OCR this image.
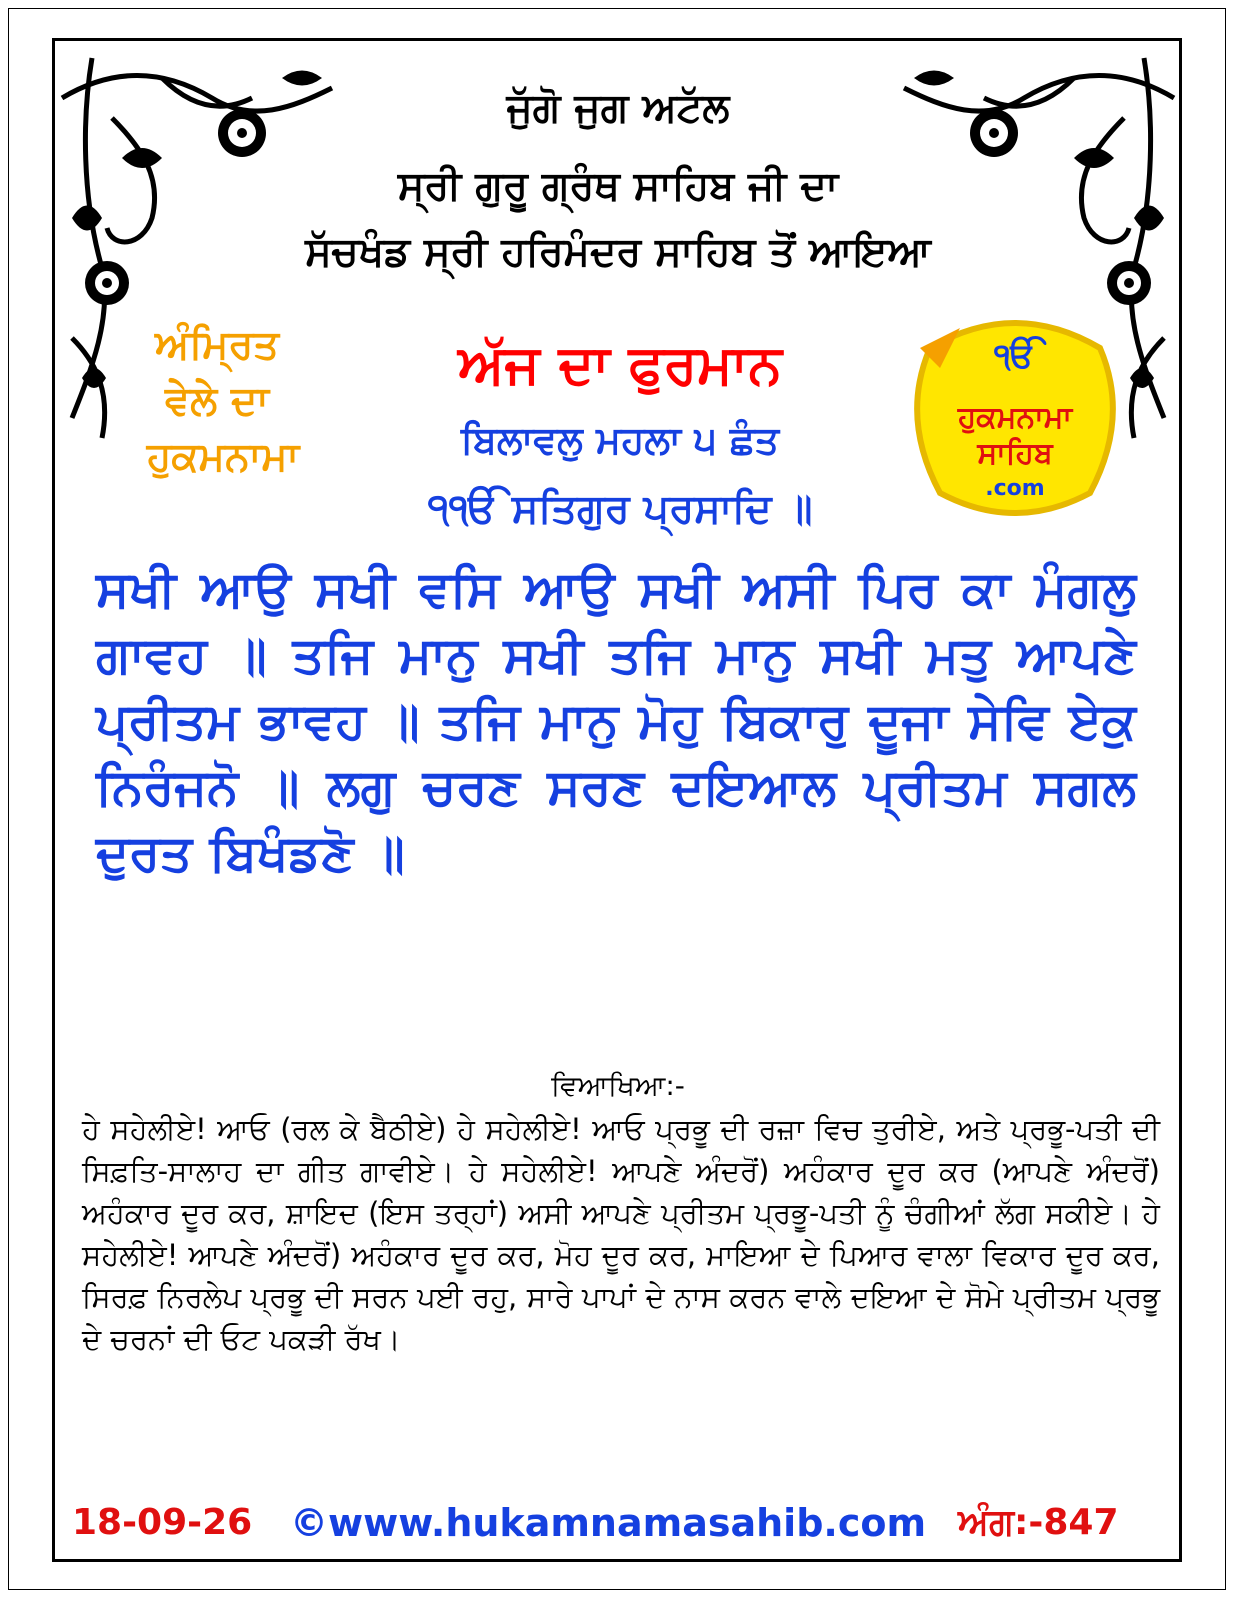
ਜੁੱਗੋ ਜੁਗ ਅਟੱਲ
ਸ੍ਰੀ ਗੁਰੂ ਗ੍ਰੰਥ ਸਾਹਿਬ ਜੀ ਦਾ
ਸੱਚਖੰਡ ਸ੍ਰੀ ਹਰਿਮੰਦਰ ਸਾਹਿਬ ਤੋਂ ਆਇਆ
ਅੰਮ੍ਰਿਤ
ਵੇਲੇ ਦਾ
ਹੁਕਮਨਾਮਾ
ਅੱਜ ਦਾ ਫੁਰਮਾਨ
ਬਿਲਾਵਲੁ ਮਹਲਾ ੫ ਛੰਤ
੧ੴ ਸਤਿਗੁਰ ਪ੍ਰਸਾਦਿ ॥
ੴ
ਹੁਕਮਨਾਮਾ
ਸਾਹਿਬ
.com
ਸਖੀ ਆਉ ਸਖੀ ਵਸਿ ਆਉ ਸਖੀ ਅਸੀ ਪਿਰ ਕਾ ਮੰਗਲੁ ਗਾਵਹ ॥ ਤਜਿ ਮਾਨੁ ਸਖੀ ਤਜਿ ਮਾਨੁ ਸਖੀ ਮਤੁ ਆਪਣੇ ਪ੍ਰੀਤਮ ਭਾਵਹ ॥ ਤਜਿ ਮਾਨੁ ਮੋਹੁ ਬਿਕਾਰੁ ਦੂਜਾ ਸੇਵਿ ਏਕੁ ਨਿਰੰਜਨੋ ॥ ਲਗੁ ਚਰਣ ਸਰਣ ਦਇਆਲ ਪ੍ਰੀਤਮ ਸਗਲ ਦੁਰਤ ਬਿਖੰਡਣੋ ॥
ਵਿਆਖਿਆ:-
ਹੇ ਸਹੇਲੀਏ! ਆਓ (ਰਲ ਕੇ ਬੈਠੀਏ) ਹੇ ਸਹੇਲੀਏ! ਆਓ ਪ੍ਰਭੂ ਦੀ ਰਜ਼ਾ ਵਿਚ ਤੁਰੀਏ, ਅਤੇ ਪ੍ਰਭੂ-ਪਤੀ ਦੀ ਸਿਫ਼ਤਿ-ਸਾਲਾਹ ਦਾ ਗੀਤ ਗਾਵੀਏ। ਹੇ ਸਹੇਲੀਏ! ਆਪਣੇ ਅੰਦਰੋਂ) ਅਹੰਕਾਰ ਦੂਰ ਕਰ (ਆਪਣੇ ਅੰਦਰੋਂ) ਅਹੰਕਾਰ ਦੂਰ ਕਰ, ਸ਼ਾਇਦ (ਇਸ ਤਰ੍ਹਾਂ) ਅਸੀ ਆਪਣੇ ਪ੍ਰੀਤਮ ਪ੍ਰਭੂ-ਪਤੀ ਨੂੰ ਚੰਗੀਆਂ ਲੱਗ ਸਕੀਏ। ਹੇ ਸਹੇਲੀਏ! ਆਪਣੇ ਅੰਦਰੋਂ) ਅਹੰਕਾਰ ਦੂਰ ਕਰ, ਮੋਹ ਦੂਰ ਕਰ, ਮਾਇਆ ਦੇ ਪਿਆਰ ਵਾਲਾ ਵਿਕਾਰ ਦੂਰ ਕਰ, ਸਿਰਫ਼ ਨਿਰਲੇਪ ਪ੍ਰਭੂ ਦੀ ਸਰਨ ਪਈ ਰਹੁ, ਸਾਰੇ ਪਾਪਾਂ ਦੇ ਨਾਸ ਕਰਨ ਵਾਲੇ ਦਇਆ ਦੇ ਸੋਮੇ ਪ੍ਰੀਤਮ ਪ੍ਰਭੂ ਦੇ ਚਰਨਾਂ ਦੀ ਓਟ ਪਕੜੀ ਰੱਖ।
18-09-26 ©www.hukamnamasahib.com ਅੰਗ:-847
